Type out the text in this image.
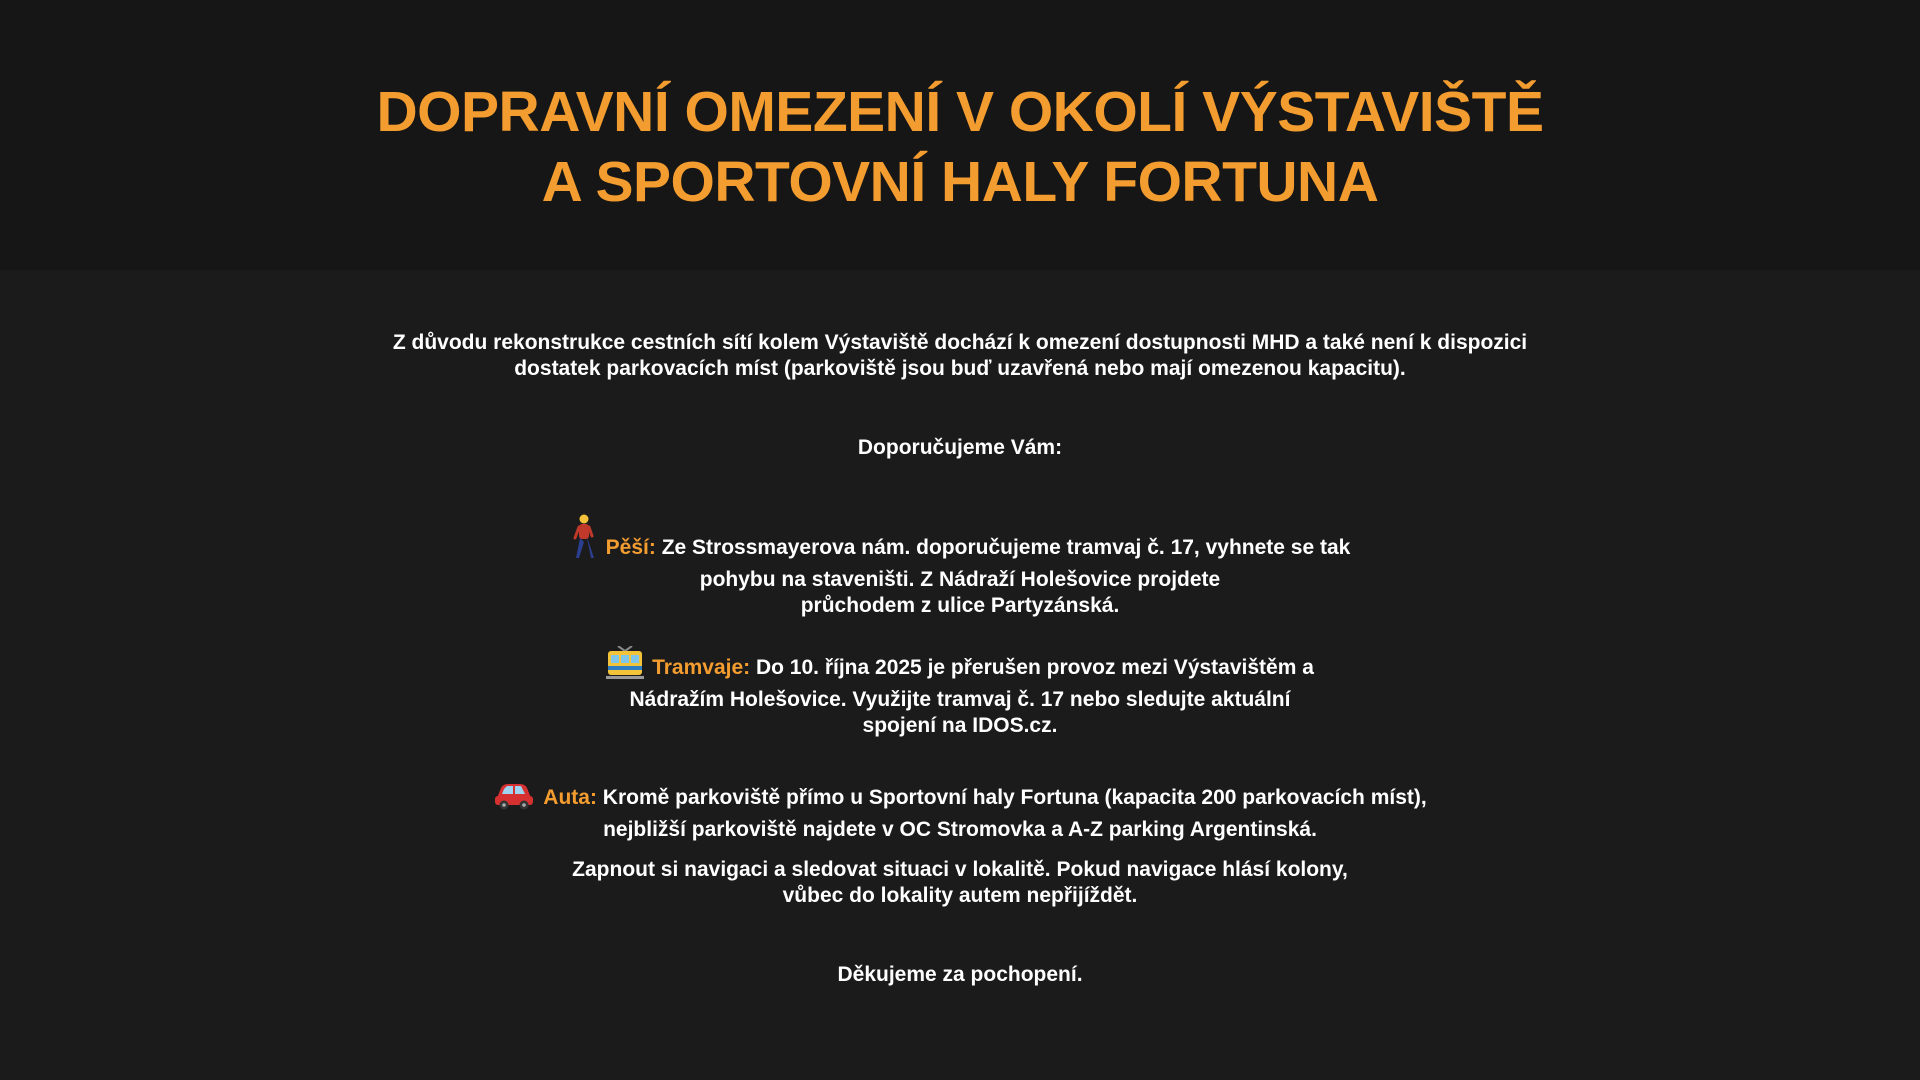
DOPRAVNÍ OMEZENÍ V OKOLÍ VÝSTAVIŠTĚ
A SPORTOVNÍ HALY FORTUNA
Z důvodu rekonstrukce cestních sítí kolem Výstaviště dochází k omezení dostupnosti MHD a také není k dispozici
dostatek parkovacích míst (parkoviště jsou buď uzavřená nebo mají omezenou kapacitu).
Doporučujeme Vám:
Pěší: Ze Strossmayerova nám. doporučujeme tramvaj č. 17, vyhnete se tak
pohybu na staveništi. Z Nádraží Holešovice projdete
průchodem z ulice Partyzánská.
Tramvaje: Do 10. října 2025 je přerušen provoz mezi Výstavištěm a
Nádražím Holešovice. Využijte tramvaj č. 17 nebo sledujte aktuální
spojení na IDOS.cz.
Auta: Kromě parkoviště přímo u Sportovní haly Fortuna (kapacita 200 parkovacích míst),
nejbližší parkoviště najdete v OC Stromovka a A-Z parking Argentinská.
Zapnout si navigaci a sledovat situaci v lokalitě. Pokud navigace hlásí kolony,
vůbec do lokality autem nepřijíždět.
Děkujeme za pochopení.
